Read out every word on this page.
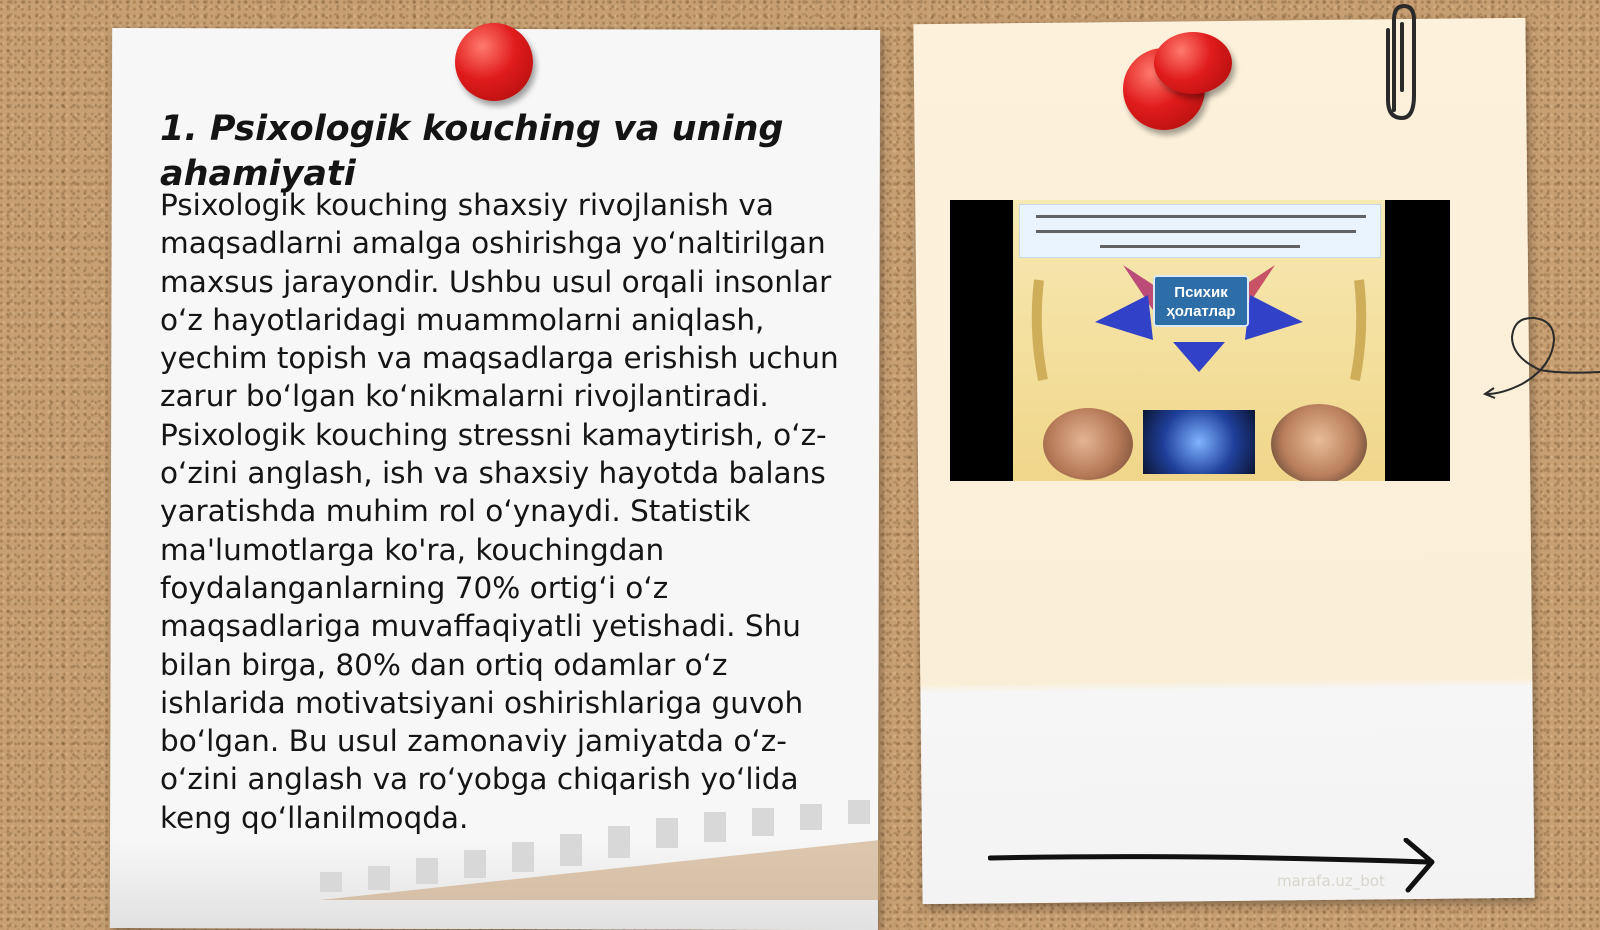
1. Psixologik kouching va uning ahamiyati

Psixologik kouching shaxsiy rivojlanish va maqsadlarni amalga oshirishga yo‘naltirilgan maxsus jarayondir. Ushbu usul orqali insonlar o‘z hayotlaridagi muammolarni aniqlash, yechim topish va maqsadlarga erishish uchun zarur bo‘lgan ko‘nikmalarni rivojlantiradi. Psixologik kouching stressni kamaytirish, o‘z-o‘zini anglash, ish va shaxsiy hayotda balans yaratishda muhim rol o‘ynaydi. Statistik ma'lumotlarga ko'ra, kouchingdan foydalanganlarning 70% ortig‘i o‘z maqsadlariga muvaffaqiyatli yetishadi. Shu bilan birga, 80% dan ortiq odamlar o‘z ishlarida motivatsiyani oshirishlariga guvoh bo‘lgan. Bu usul zamonaviy jamiyatda o‘z-o‘zini anglash va ro‘yobga chiqarish yo‘lida keng qo‘llanilmoqda.

Психик ҳолатлар
marafa.uz_bot
